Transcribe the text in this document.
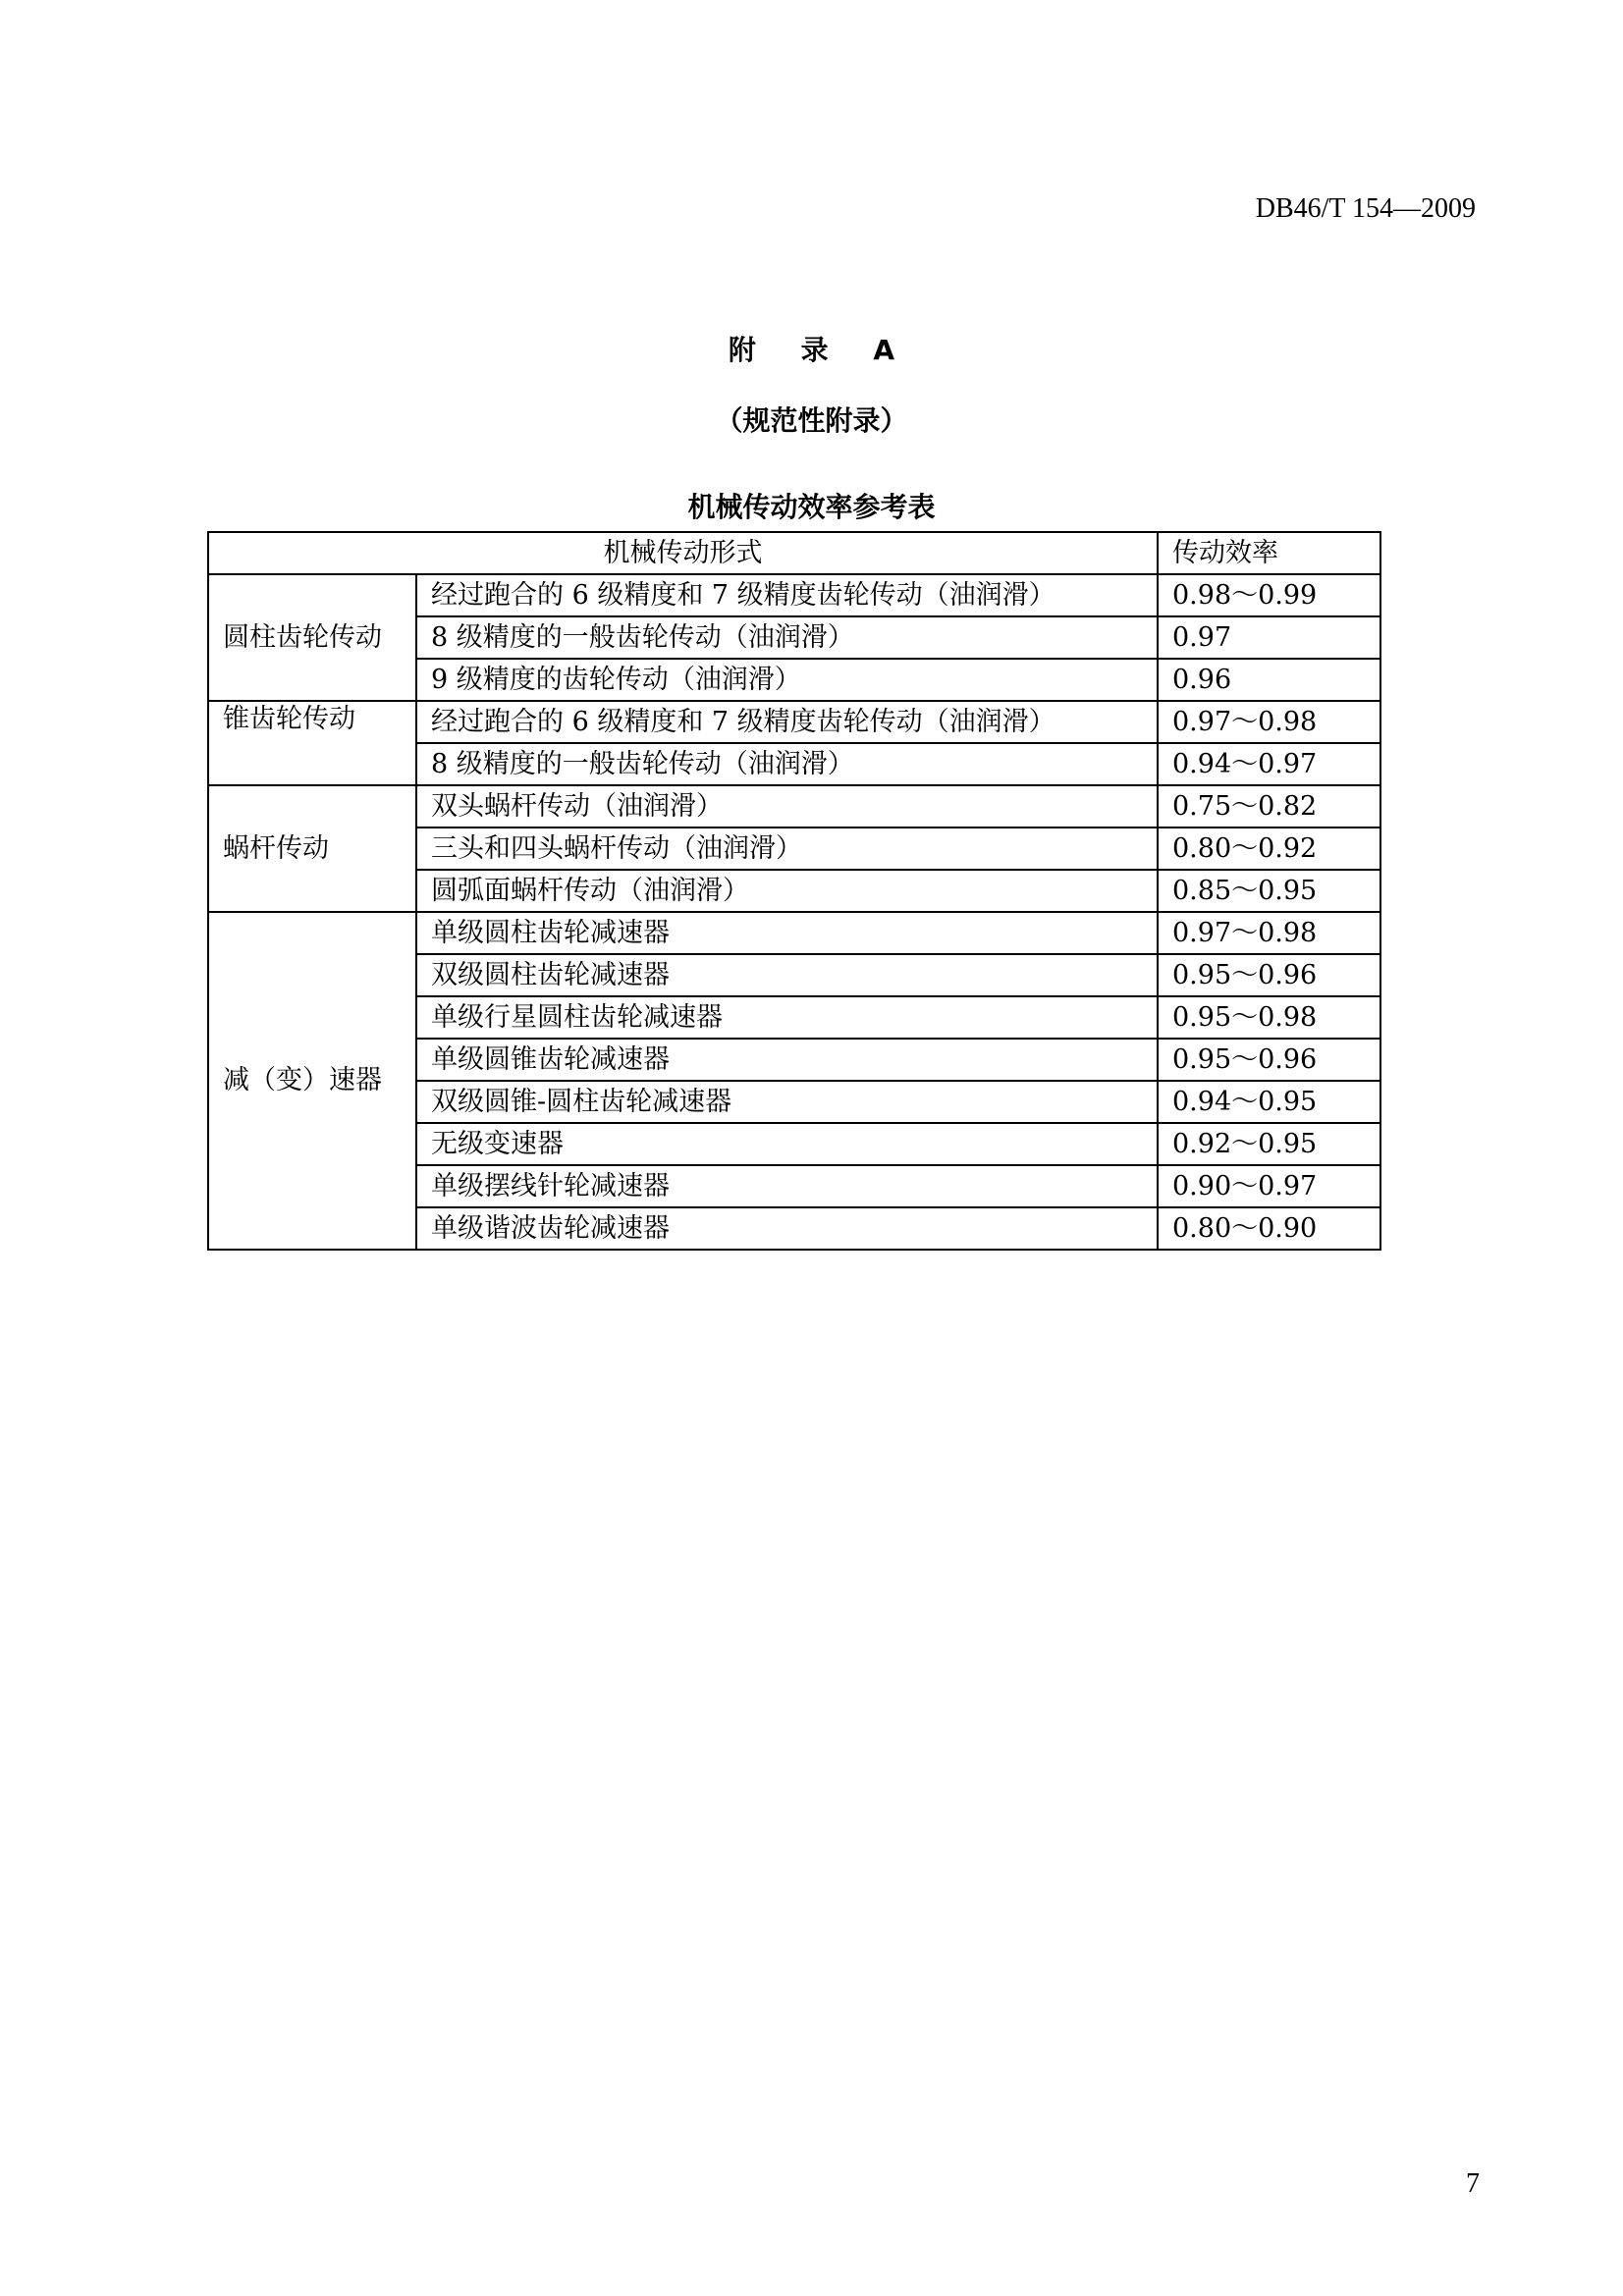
DB46/T 154—2009
附 录 A
（规范性附录）
机械传动效率参考表
机械传动形式		传动效率
圆柱齿轮传动	经过跑合的 6 级精度和 7 级精度齿轮传动（油润滑）	0.98～0.99
	8 级精度的一般齿轮传动（油润滑）	0.97
	9 级精度的齿轮传动（油润滑）	0.96
锥齿轮传动	经过跑合的 6 级精度和 7 级精度齿轮传动（油润滑）	0.97～0.98
	8 级精度的一般齿轮传动（油润滑）	0.94～0.97
蜗杆传动	双头蜗杆传动（油润滑）	0.75～0.82
	三头和四头蜗杆传动（油润滑）	0.80～0.92
	圆弧面蜗杆传动（油润滑）	0.85～0.95
减（变）速器	单级圆柱齿轮减速器	0.97～0.98
	双级圆柱齿轮减速器	0.95～0.96
	单级行星圆柱齿轮减速器	0.95～0.98
	单级圆锥齿轮减速器	0.95～0.96
	双级圆锥-圆柱齿轮减速器	0.94～0.95
	无级变速器	0.92～0.95
	单级摆线针轮减速器	0.90～0.97
	单级谐波齿轮减速器	0.80～0.90
7
